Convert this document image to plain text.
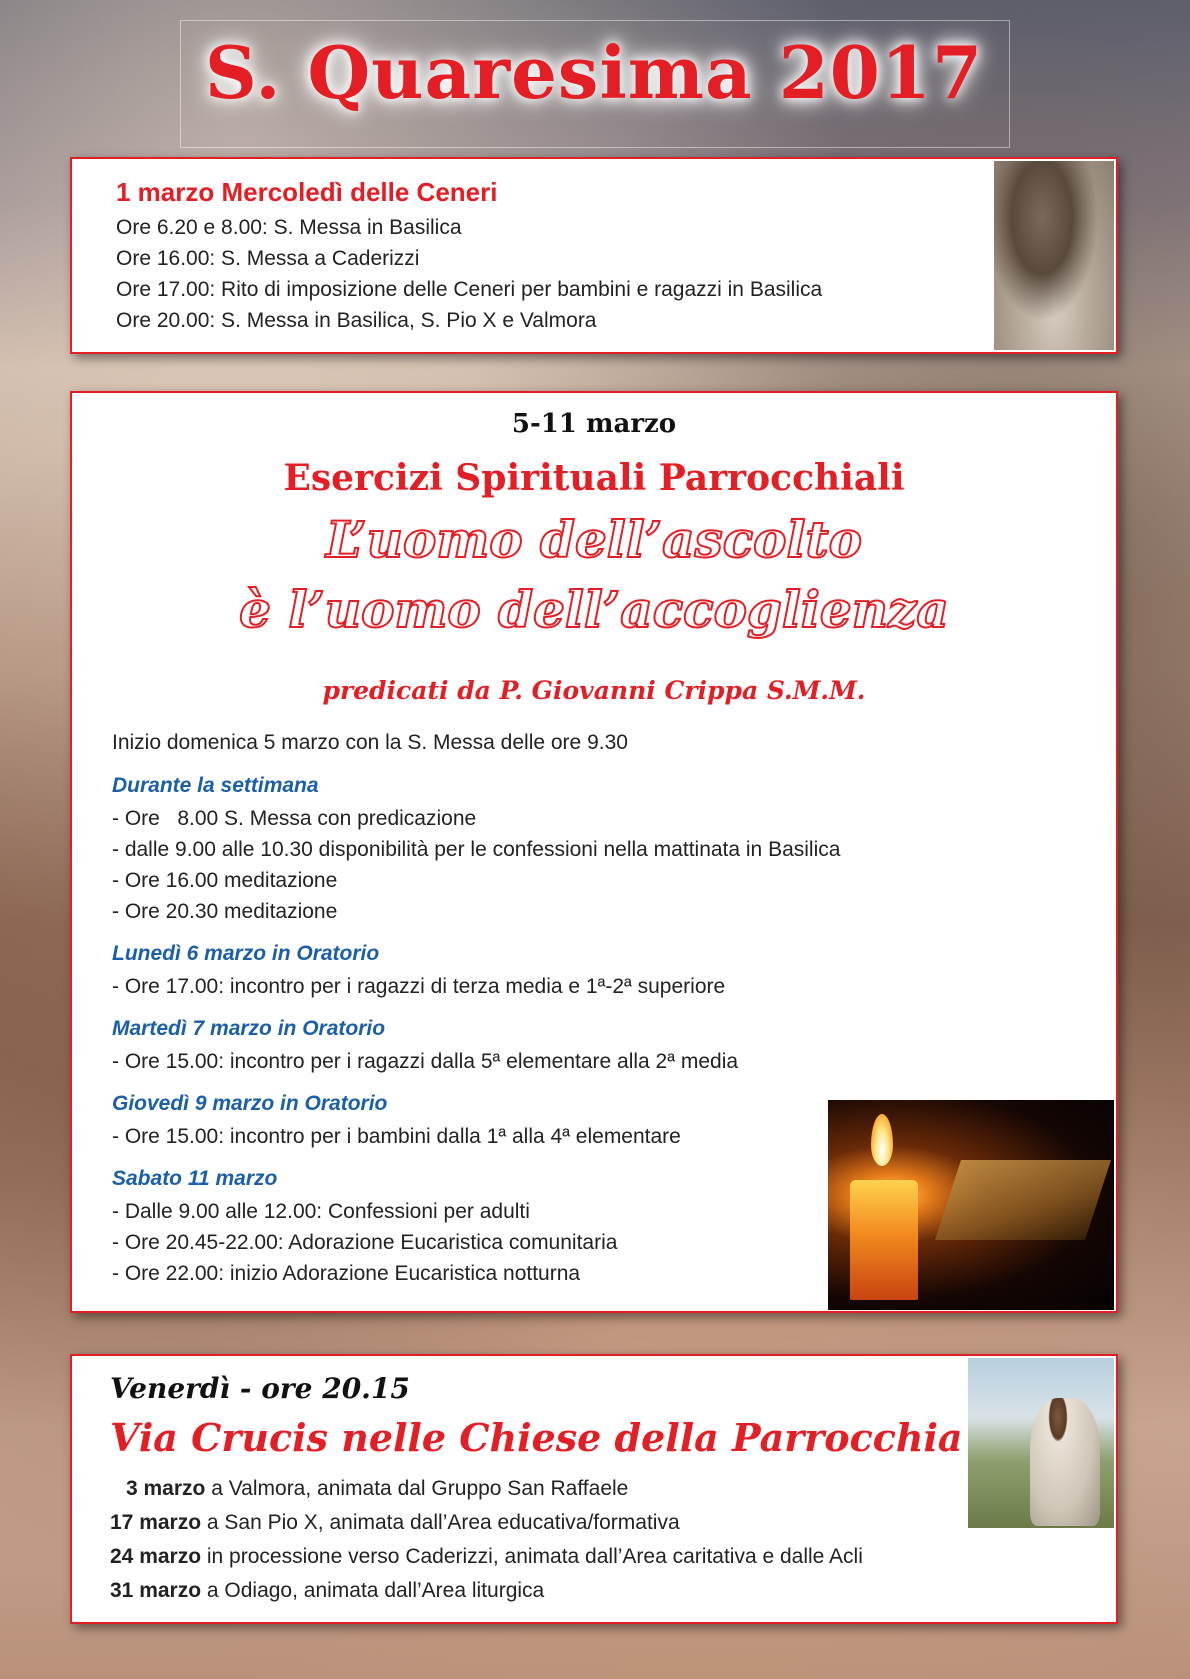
S. Quaresima 2017
1 marzo Mercoledì delle Ceneri
Ore 6.20 e 8.00: S. Messa in Basilica
Ore 16.00: S. Messa a Caderizzi
Ore 17.00: Rito di imposizione delle Ceneri per bambini e ragazzi in Basilica
Ore 20.00: S. Messa in Basilica, S. Pio X e Valmora
5-11 marzo
Esercizi Spirituali Parrocchiali
L’uomo dell’ascolto
è l’uomo dell’accoglienza
predicati da P. Giovanni Crippa S.M.M.
Inizio domenica 5 marzo con la S. Messa delle ore 9.30
Durante la settimana
- Ore   8.00 S. Messa con predicazione
- dalle 9.00 alle 10.30 disponibilità per le confessioni nella mattinata in Basilica
- Ore 16.00 meditazione
- Ore 20.30 meditazione
Lunedì 6 marzo in Oratorio
- Ore 17.00: incontro per i ragazzi di terza media e 1ª-2ª superiore
Martedì 7 marzo in Oratorio
- Ore 15.00: incontro per i ragazzi dalla 5ª elementare alla 2ª media
Giovedì 9 marzo in Oratorio
- Ore 15.00: incontro per i bambini dalla 1ª alla 4ª elementare
Sabato 11 marzo
- Dalle 9.00 alle 12.00: Confessioni per adulti
- Ore 20.45-22.00: Adorazione Eucaristica comunitaria
- Ore 22.00: inizio Adorazione Eucaristica notturna
Venerdì - ore 20.15
Via Crucis nelle Chiese della Parrocchia
3 marzo a Valmora, animata dal Gruppo San Raffaele
17 marzo a San Pio X, animata dall’Area educativa/formativa
24 marzo in processione verso Caderizzi, animata dall’Area caritativa e dalle Acli
31 marzo a Odiago, animata dall’Area liturgica
